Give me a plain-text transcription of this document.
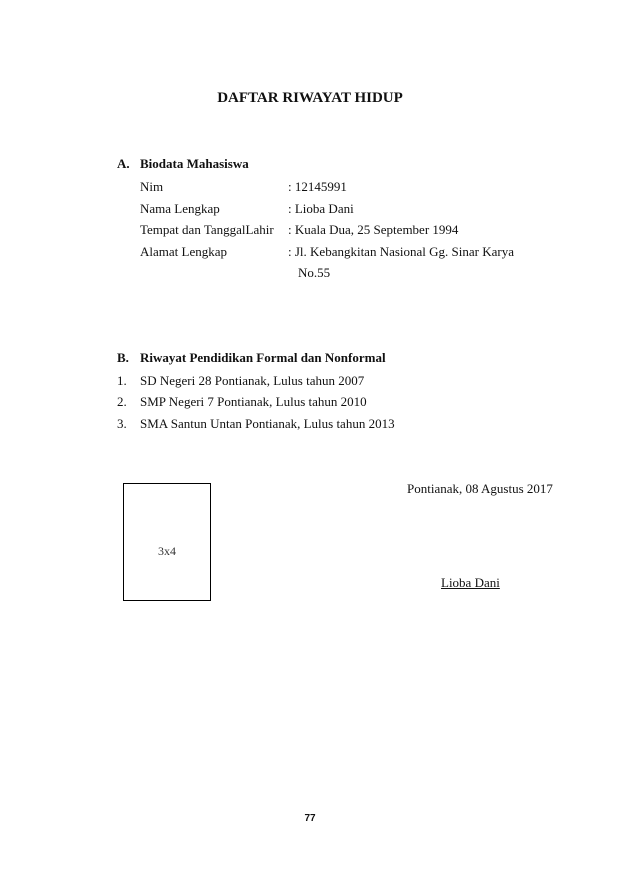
DAFTAR RIWAYAT HIDUP
A. Biodata Mahasiswa
Nim	: 12145991
Nama Lengkap	: Lioba Dani
Tempat dan TanggalLahir : Kuala Dua, 25 September 1994
Alamat Lengkap	: Jl. Kebangkitan Nasional Gg. Sinar Karya
No.55
B. Riwayat Pendidikan Formal dan Nonformal
1. SD Negeri 28 Pontianak, Lulus tahun 2007
2. SMP Negeri 7 Pontianak, Lulus tahun 2010
3. SMA Santun Untan Pontianak, Lulus tahun 2013
3x4
Pontianak, 08 Agustus 2017
Lioba Dani
77
